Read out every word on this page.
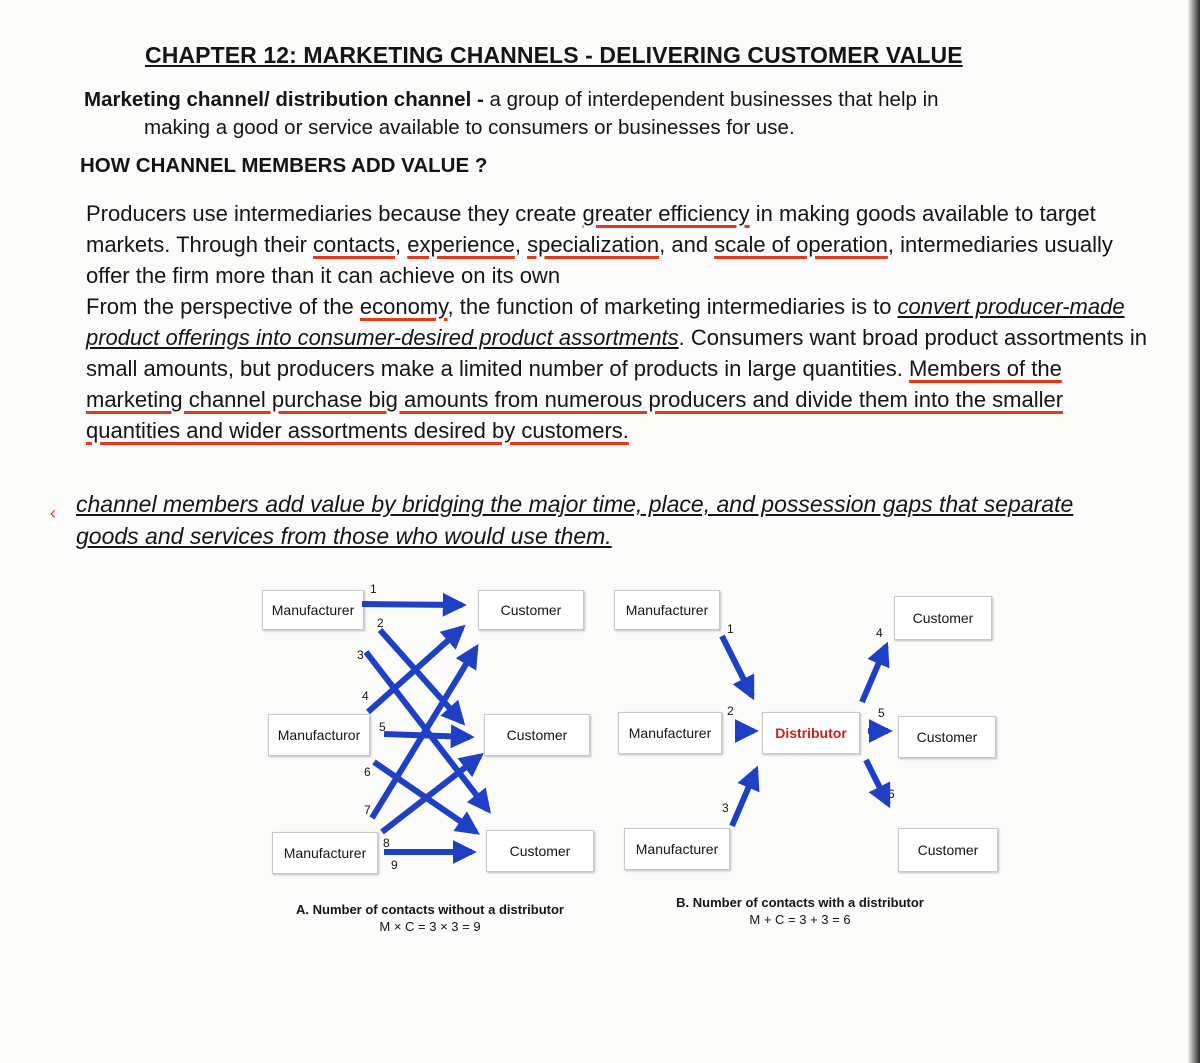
CHAPTER 12: MARKETING CHANNELS - DELIVERING CUSTOMER VALUE
Marketing channel/ distribution channel - a group of interdependent businesses that help in
making a good or service available to consumers or businesses for use.
HOW CHANNEL MEMBERS ADD VALUE ?
Producers use intermediaries because they create greater efficiency in making goods available to target markets. Through their contacts, experience, specialization, and scale of operation, intermediaries usually offer the firm more than it can achieve on its own
From the perspective of the economy, the function of marketing intermediaries is to convert producer-made product offerings into consumer-desired product assortments. Consumers want broad product assortments in small amounts, but producers make a limited number of products in large quantities. Members of the marketing channel purchase big amounts from numerous producers and divide them into the smaller quantities and wider assortments desired by customers.
‹ channel members add value by bridging the major time, place, and possession gaps that separate goods and services from those who would use them.
Manufacturer
Manufacturor
Manufacturer
Customer
Customer
Customer
1
2
3
4
5
6
7
8
9
A. Number of contacts without a distributor
M × C = 3 × 3 = 9
Manufacturer
Manufacturer
Manufacturer
Distributor
Customer
Customer
Customer
1
2
3
4
5
6
B. Number of contacts with a distributor
M + C = 3 + 3 = 6
